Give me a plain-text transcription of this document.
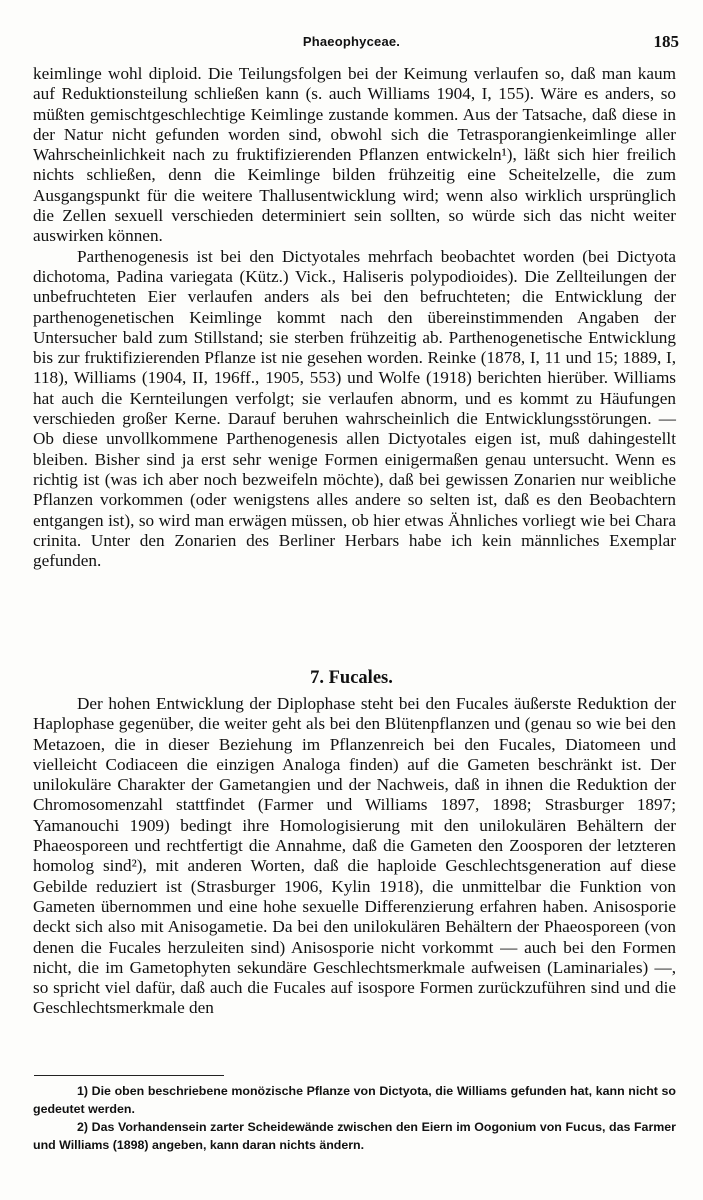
Phaeophyceae.	185

keimlinge wohl diploid. Die Teilungsfolgen bei der Keimung verlaufen so, daß man kaum auf Reduktionsteilung schließen kann (s. auch Williams 1904, I, 155). Wäre es anders, so müßten gemischtgeschlechtige Keimlinge zustande kommen. Aus der Tatsache, daß diese in der Natur nicht gefunden worden sind, obwohl sich die Tetrasporangienkeimlinge aller Wahrscheinlichkeit nach zu fruktifizierenden Pflanzen entwickeln¹), läßt sich hier freilich nichts schließen, denn die Keimlinge bilden frühzeitig eine Scheitelzelle, die zum Ausgangspunkt für die weitere Thallusentwicklung wird; wenn also wirklich ursprünglich die Zellen sexuell verschieden determiniert sein sollten, so würde sich das nicht weiter auswirken können.

Parthenogenesis ist bei den Dictyotales mehrfach beobachtet worden (bei Dictyota dichotoma, Padina variegata (Kütz.) Vick., Haliseris polypodioides). Die Zellteilungen der unbefruchteten Eier verlaufen anders als bei den befruchteten; die Entwicklung der parthenogenetischen Keimlinge kommt nach den übereinstimmenden Angaben der Untersucher bald zum Stillstand; sie sterben frühzeitig ab. Parthenogenetische Entwicklung bis zur fruktifizierenden Pflanze ist nie gesehen worden. Reinke (1878, I, 11 und 15; 1889, I, 118), Williams (1904, II, 196ff., 1905, 553) und Wolfe (1918) berichten hierüber. Williams hat auch die Kernteilungen verfolgt; sie verlaufen abnorm, und es kommt zu Häufungen verschieden großer Kerne. Darauf beruhen wahrscheinlich die Entwicklungsstörungen. — Ob diese unvollkommene Parthenogenesis allen Dictyotales eigen ist, muß dahingestellt bleiben. Bisher sind ja erst sehr wenige Formen einigermaßen genau untersucht. Wenn es richtig ist (was ich aber noch bezweifeln möchte), daß bei gewissen Zonarien nur weibliche Pflanzen vorkommen (oder wenigstens alles andere so selten ist, daß es den Beobachtern entgangen ist), so wird man erwägen müssen, ob hier etwas Ähnliches vorliegt wie bei Chara crinita. Unter den Zonarien des Berliner Herbars habe ich kein männliches Exemplar gefunden.

7. Fucales.

Der hohen Entwicklung der Diplophase steht bei den Fucales äußerste Reduktion der Haplophase gegenüber, die weiter geht als bei den Blütenpflanzen und (genau so wie bei den Metazoen, die in dieser Beziehung im Pflanzenreich bei den Fucales, Diatomeen und vielleicht Codiaceen die einzigen Analoga finden) auf die Gameten beschränkt ist. Der unilokuläre Charakter der Gametangien und der Nachweis, daß in ihnen die Reduktion der Chromosomenzahl stattfindet (Farmer und Williams 1897, 1898; Strasburger 1897; Yamanouchi 1909) bedingt ihre Homologisierung mit den unilokulären Behältern der Phaeosporeen und rechtfertigt die Annahme, daß die Gameten den Zoosporen der letzteren homolog sind²), mit anderen Worten, daß die haploide Geschlechtsgeneration auf diese Gebilde reduziert ist (Strasburger 1906, Kylin 1918), die unmittelbar die Funktion von Gameten übernommen und eine hohe sexuelle Differenzierung erfahren haben. Anisosporie deckt sich also mit Anisogametie. Da bei den unilokulären Behältern der Phaeosporeen (von denen die Fucales herzuleiten sind) Anisosporie nicht vorkommt — auch bei den Formen nicht, die im Gametophyten sekundäre Geschlechtsmerkmale aufweisen (Laminariales) —, so spricht viel dafür, daß auch die Fucales auf isospore Formen zurückzuführen sind und die Geschlechtsmerkmale den

1) Die oben beschriebene monözische Pflanze von Dictyota, die Williams gefunden hat, kann nicht so gedeutet werden.

2) Das Vorhandensein zarter Scheidewände zwischen den Eiern im Oogonium von Fucus, das Farmer und Williams (1898) angeben, kann daran nichts ändern.
